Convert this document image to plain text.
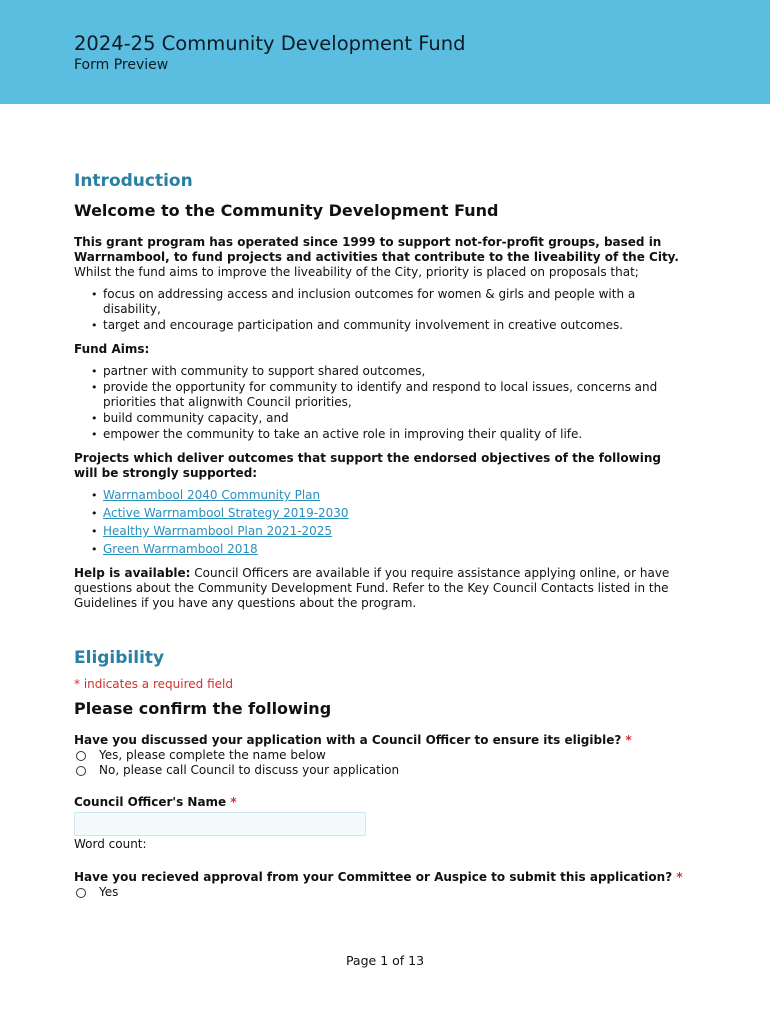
2024-25 Community Development Fund
Form Preview
Introduction
Welcome to the Community Development Fund

This grant program has operated since 1999 to support not-for-profit groups, based in Warrnambool, to fund projects and activities that contribute to the liveability of the City. Whilst the fund aims to improve the liveability of the City, priority is placed on proposals that;

• focus on addressing access and inclusion outcomes for women & girls and people with a disability,
• target and encourage participation and community involvement in creative outcomes.

Fund Aims:

• partner with community to support shared outcomes,
• provide the opportunity for community to identify and respond to local issues, concerns and priorities that alignwith Council priorities,
• build community capacity, and
• empower the community to take an active role in improving their quality of life.

Projects which deliver outcomes that support the endorsed objectives of the following will be strongly supported:

• Warrnambool 2040 Community Plan
• Active Warrnambool Strategy 2019-2030
• Healthy Warrnambool Plan 2021-2025
• Green Warrnambool 2018

Help is available: Council Officers are available if you require assistance applying online, or have questions about the Community Development Fund. Refer to the Key Council Contacts listed in the Guidelines if you have any questions about the program.

Eligibility

* indicates a required field

Please confirm the following

Have you discussed your application with a Council Officer to ensure its eligible? *

Yes, please complete the name below
No, please call Council to discuss your application

Council Officer's Name *

Word count:

Have you recieved approval from your Committee or Auspice to submit this application? *

Yes
Page 1 of 13
